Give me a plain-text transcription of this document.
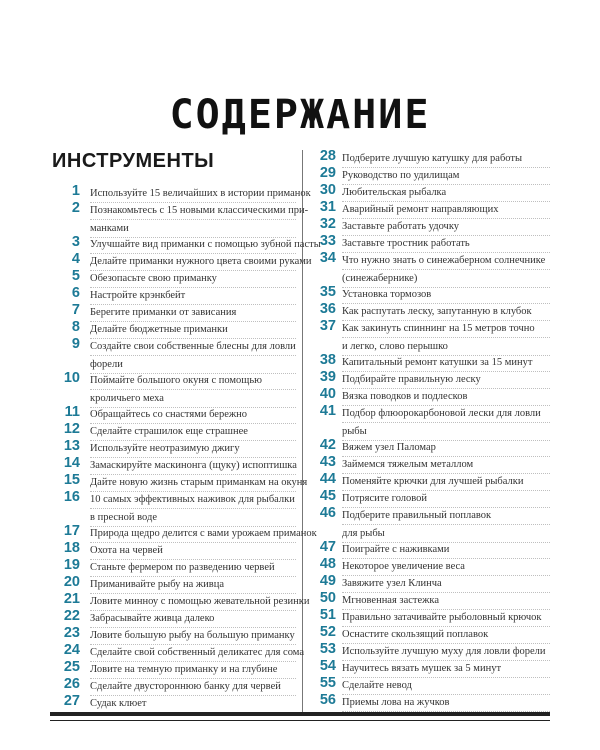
СОДЕРЖАНИЕ
ИНСТРУМЕНТЫ
1 Используйте 15 величайших в истории приманок
2 Познакомьтесь с 15 новыми классическими при-
манками
3 Улучшайте вид приманки с помощью зубной пасты
4 Делайте приманки нужного цвета своими руками
5 Обезопасьте свою приманку
6 Настройте крэнкбейт
7 Берегите приманки от зависания
8 Делайте бюджетные приманки
9 Создайте свои собственные блесны для ловли
форели
10 Поймайте большого окуня с помощью
кроличьего меха
11 Обращайтесь со снастями бережно
12 Сделайте страшилок еще страшнее
13 Используйте неотразимую джигу
14 Замаскируйте маскинонга (щуку) испоптишка
15 Дайте новую жизнь старым приманкам на окуня
16 10 самых эффективных наживок для рыбалки
в пресной воде
17 Природа щедро делится с вами урожаем приманок
18 Охота на червей
19 Станьте фермером по разведению червей
20 Приманивайте рыбу на живца
21 Ловите минноу с помощью жевательной резинки
22 Забрасывайте живца далеко
23 Ловите большую рыбу на большую приманку
24 Сделайте свой собственный деликатес для сома
25 Ловите на темную приманку и на глубине
26 Сделайте двустороннюю банку для червей
27 Судак клюет
28 Подберите лучшую катушку для работы
29 Руководство по удилищам
30 Любительская рыбалка
31 Аварийный ремонт направляющих
32 Заставьте работать удочку
33 Заставьте тростник работать
34 Что нужно знать о синежаберном солнечнике
(синежабернике)
35 Установка тормозов
36 Как распутать леску, запутанную в клубок
37 Как закинуть спиннинг на 15 метров точно
и легко, слово перышко
38 Капитальный ремонт катушки за 15 минут
39 Подбирайте правильную леску
40 Вязка поводков и подлесков
41 Подбор флюорокарбоновой лески для ловли
рыбы
42 Вяжем узел Паломар
43 Займемся тяжелым металлом
44 Поменяйте крючки для лучшей рыбалки
45 Потрясите головой
46 Подберите правильный поплавок
для рыбы
47 Поиграйте с наживками
48 Некоторое увеличение веса
49 Завяжите узел Клинча
50 Мгновенная застежка
51 Правильно затачивайте рыболовный крючок
52 Оснастите скользящий поплавок
53 Используйте лучшую муху для ловли форели
54 Научитесь вязать мушек за 5 минут
55 Сделайте невод
56 Приемы лова на жучков
